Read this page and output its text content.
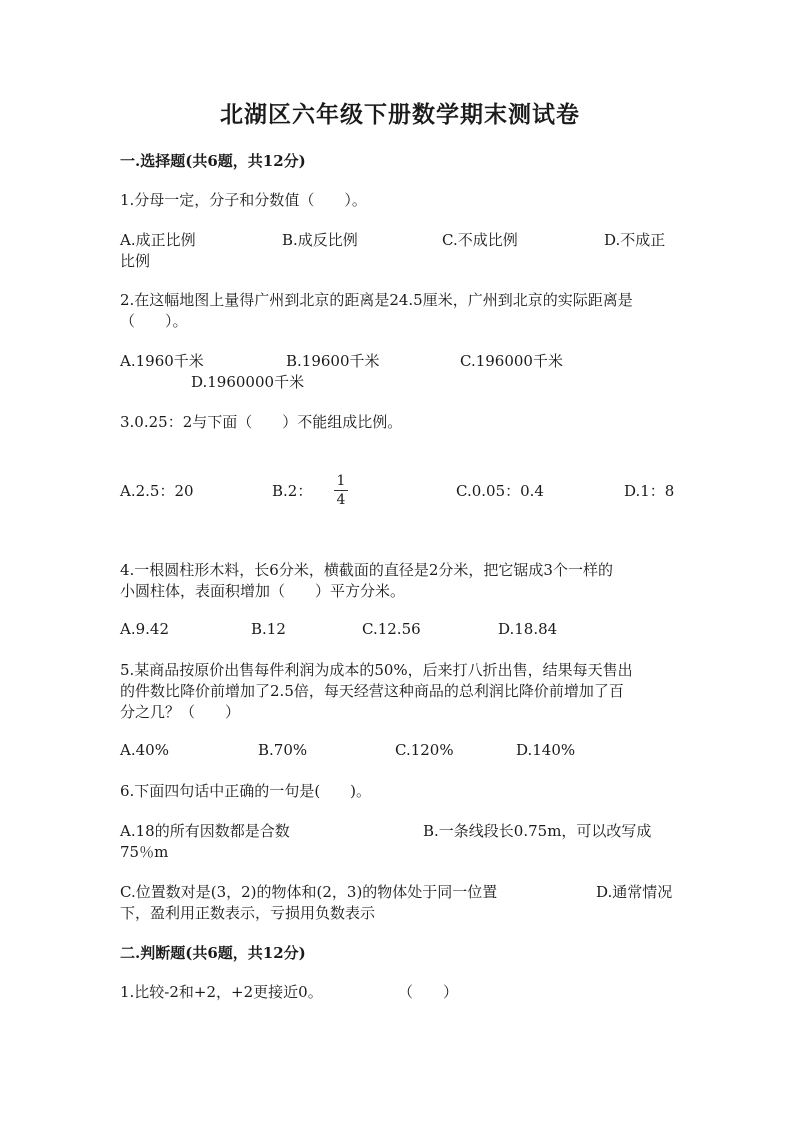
北湖区六年级下册数学期末测试卷
一.选择题(共6题，共12分)
1.分母一定，分子和分数值（　　）。
A.成正比例	B.成反比例	C.不成比例	D.不成正
比例
2.在这幅地图上量得广州到北京的距离是24.5厘米，广州到北京的实际距离是
（　　）。
A.1960千米	B.19600千米	C.196000千米
D.1960000千米
3.0.25：2与下面（　　）不能组成比例。
A.2.5：20	B.2：
1
4	C.0.05：0.4	D.1：8
4.一根圆柱形木料，长6分米，横截面的直径是2分米，把它锯成3个一样的
小圆柱体，表面积增加（　　）平方分米。
A.9.42	B.12	C.12.56	D.18.84
5.某商品按原价出售每件利润为成本的50%，后来打八折出售，结果每天售出
的件数比降价前增加了2.5倍，每天经营这种商品的总利润比降价前增加了百
分之几？（　　）
A.40%	B.70%	C.120%	D.140%
6.下面四句话中正确的一句是(　　)。
A.18的所有因数都是合数	B.一条线段长0.75m，可以改写成
75％m
C.位置数对是(3，2)的物体和(2，3)的物体处于同一位置	D.通常情况
下，盈利用正数表示，亏损用负数表示
二.判断题(共6题，共12分)
1.比较-2和+2，+2更接近0。	（　　）
